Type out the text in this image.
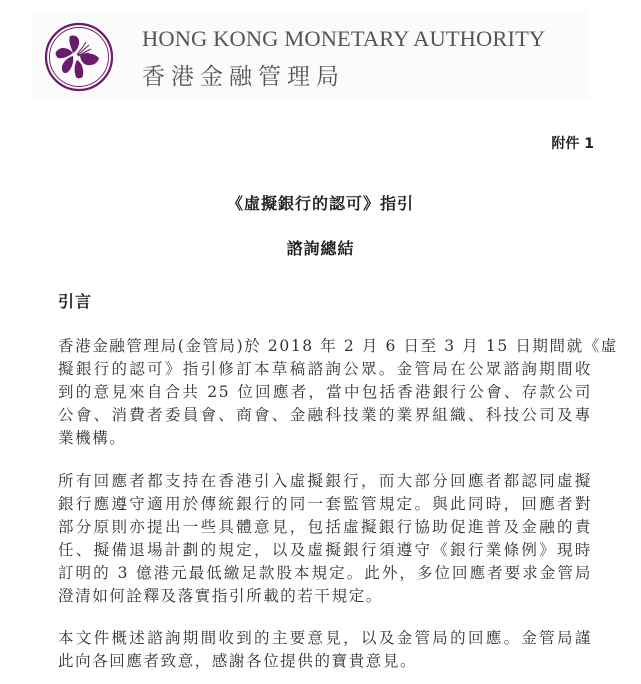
HONG KONG MONETARY AUTHORITY
香港金融管理局
附件 1
《虛擬銀行的認可》指引
諮詢總結
引言
香港金融管理局(金管局)於 2018 年 2 月 6 日至 3 月 15 日期間就《虛
擬銀行的認可》指引修訂本草稿諮詢公眾。金管局在公眾諮詢期間收
到的意見來自合共 25 位回應者，當中包括香港銀行公會、存款公司
公會、消費者委員會、商會、金融科技業的業界組織、科技公司及專
業機構。
所有回應者都支持在香港引入虛擬銀行，而大部分回應者都認同虛擬
銀行應遵守適用於傳統銀行的同一套監管規定。與此同時，回應者對
部分原則亦提出一些具體意見，包括虛擬銀行協助促進普及金融的責
任、擬備退場計劃的規定，以及虛擬銀行須遵守《銀行業條例》現時
訂明的 3 億港元最低繳足款股本規定。此外，多位回應者要求金管局
澄清如何詮釋及落實指引所載的若干規定。
本文件概述諮詢期間收到的主要意見，以及金管局的回應。金管局謹
此向各回應者致意，感謝各位提供的寶貴意見。
